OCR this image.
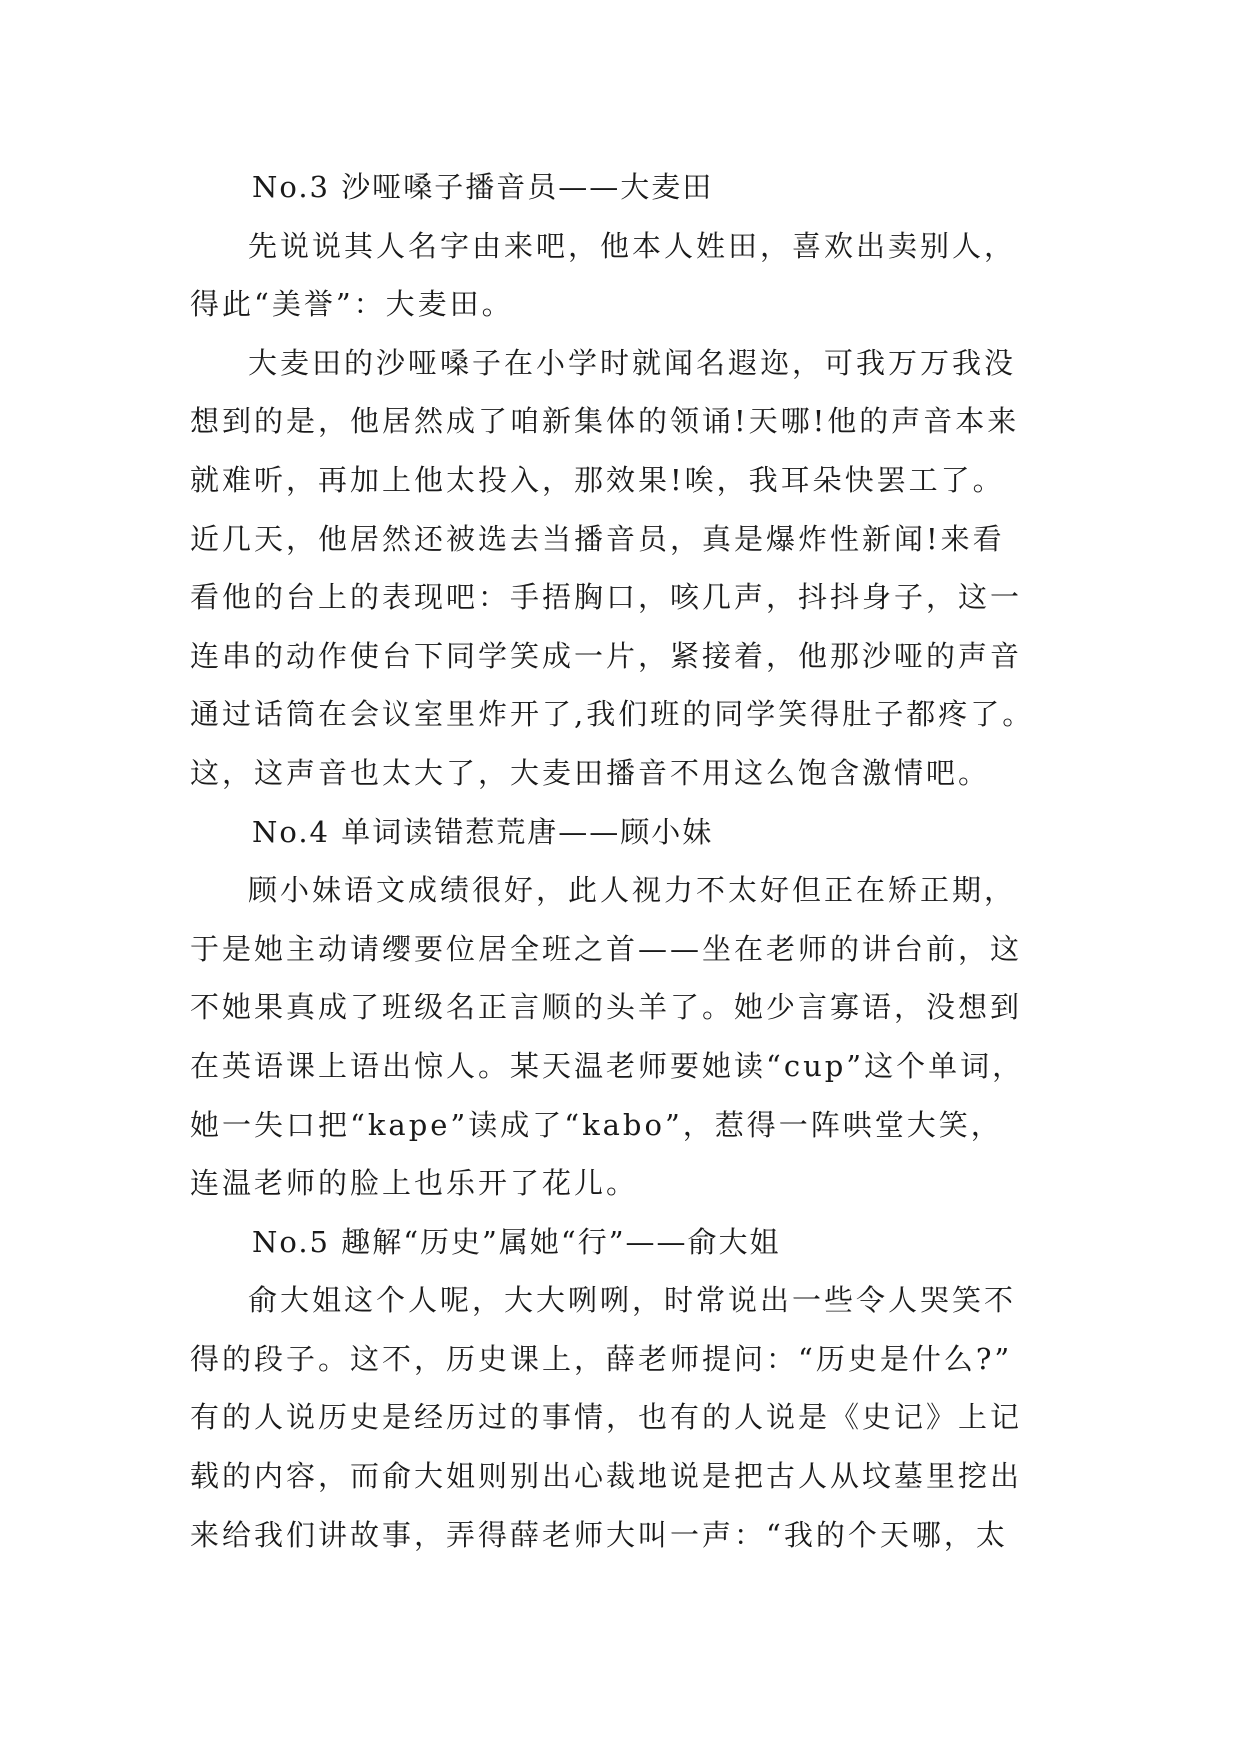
No.3 沙哑嗓子播音员——大麦田
先说说其人名字由来吧，他本人姓田，喜欢出卖别人，
得此“美誉”：大麦田。
大麦田的沙哑嗓子在小学时就闻名遐迩，可我万万我没
想到的是，他居然成了咱新集体的领诵!天哪!他的声音本来
就难听，再加上他太投入，那效果!唉，我耳朵快罢工了。
近几天，他居然还被选去当播音员，真是爆炸性新闻!来看
看他的台上的表现吧：手捂胸口，咳几声，抖抖身子，这一
连串的动作使台下同学笑成一片，紧接着，他那沙哑的声音
通过话筒在会议室里炸开了,我们班的同学笑得肚子都疼了。
这，这声音也太大了，大麦田播音不用这么饱含激情吧。
No.4 单词读错惹荒唐——顾小妹
顾小妹语文成绩很好，此人视力不太好但正在矫正期，
于是她主动请缨要位居全班之首——坐在老师的讲台前，这
不她果真成了班级名正言顺的头羊了。她少言寡语，没想到
在英语课上语出惊人。某天温老师要她读“cup”这个单词，
她一失口把“kape”读成了“kabo”，惹得一阵哄堂大笑，
连温老师的脸上也乐开了花儿。
No.5 趣解“历史”属她“行”——俞大姐
俞大姐这个人呢，大大咧咧，时常说出一些令人哭笑不
得的段子。这不，历史课上，薛老师提问：“历史是什么?”
有的人说历史是经历过的事情，也有的人说是《史记》上记
载的内容，而俞大姐则别出心裁地说是把古人从坟墓里挖出
来给我们讲故事，弄得薛老师大叫一声：“我的个天哪，太
